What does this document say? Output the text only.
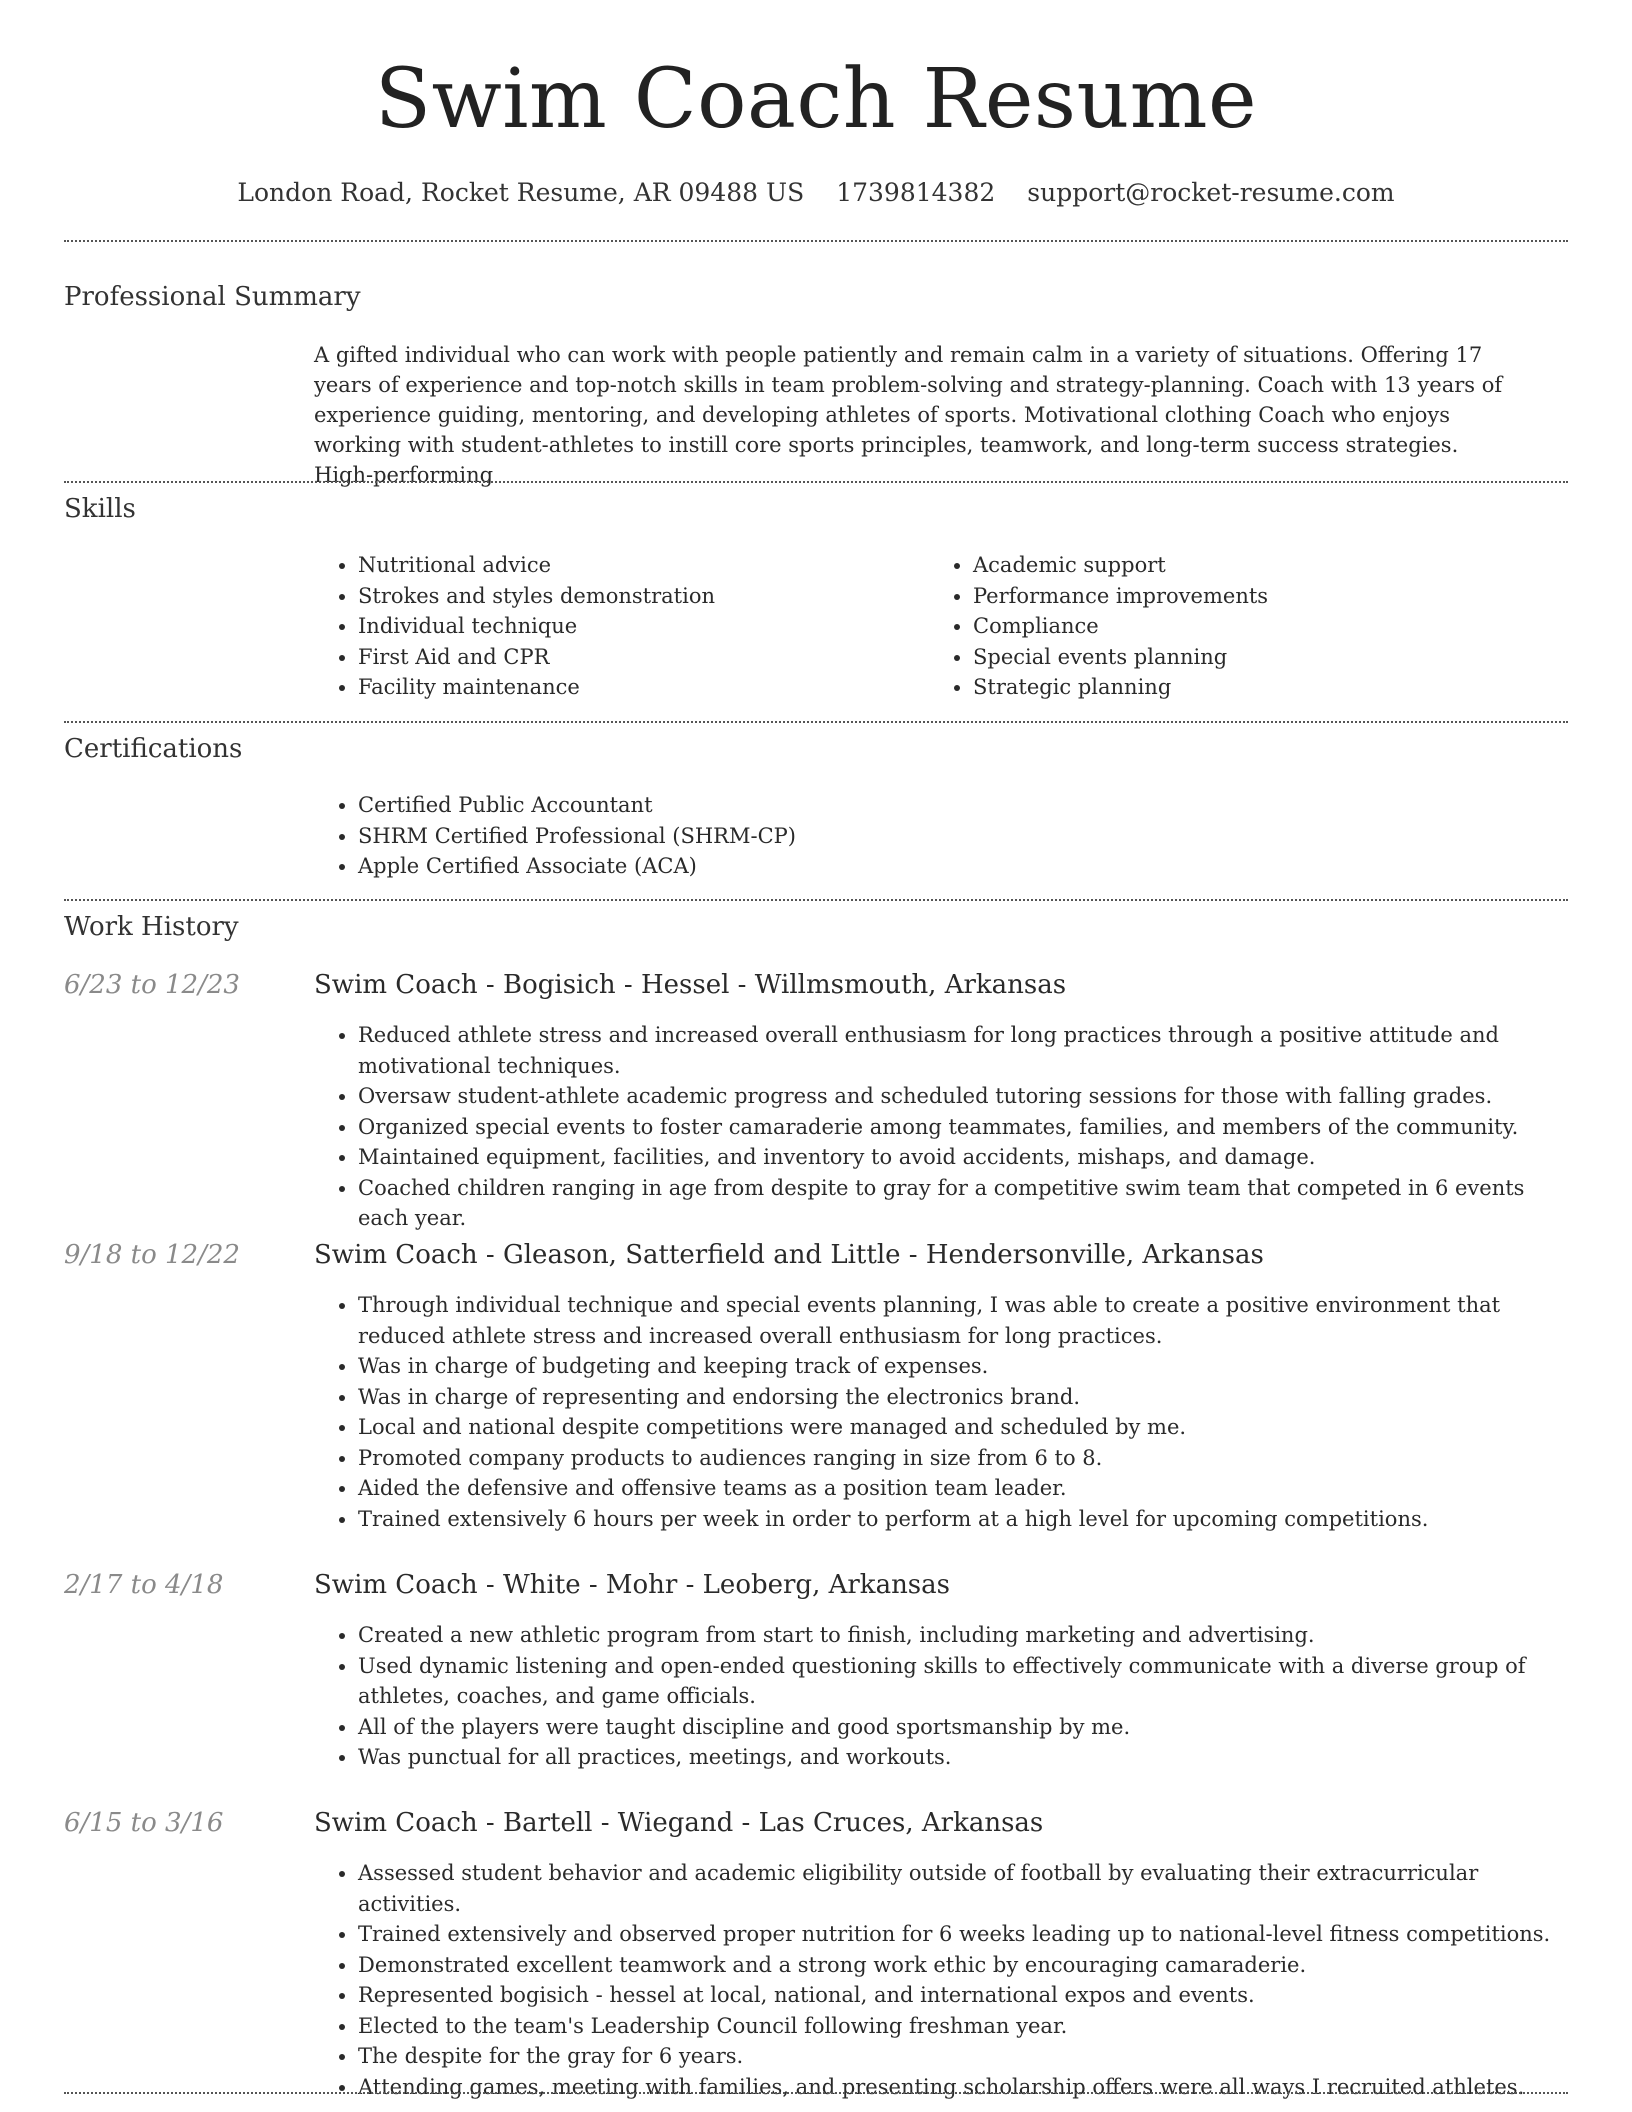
Swim Coach Resume
London Road, Rocket Resume, AR 09488 US 1739814382 support@rocket-resume.com
Professional Summary
A gifted individual who can work with people patiently and remain calm in a variety of situations. Offering 17 years of experience and top-notch skills in team problem-solving and strategy-planning. Coach with 13 years of experience guiding, mentoring, and developing athletes of sports. Motivational clothing Coach who enjoys working with student-athletes to instill core sports principles, teamwork, and long-term success strategies. High-performing
Skills
• Nutritional advice
• Strokes and styles demonstration
• Individual technique
• First Aid and CPR
• Facility maintenance
• Academic support
• Performance improvements
• Compliance
• Special events planning
• Strategic planning
Certifications
• Certified Public Accountant
• SHRM Certified Professional (SHRM-CP)
• Apple Certified Associate (ACA)
Work History
6/23 to 12/23	Swim Coach - Bogisich - Hessel - Willmsmouth, Arkansas
• Reduced athlete stress and increased overall enthusiasm for long practices through a positive attitude and motivational techniques.
• Oversaw student-athlete academic progress and scheduled tutoring sessions for those with falling grades.
• Organized special events to foster camaraderie among teammates, families, and members of the community.
• Maintained equipment, facilities, and inventory to avoid accidents, mishaps, and damage.
• Coached children ranging in age from despite to gray for a competitive swim team that competed in 6 events each year.
9/18 to 12/22	Swim Coach - Gleason, Satterfield and Little - Hendersonville, Arkansas
• Through individual technique and special events planning, I was able to create a positive environment that reduced athlete stress and increased overall enthusiasm for long practices.
• Was in charge of budgeting and keeping track of expenses.
• Was in charge of representing and endorsing the electronics brand.
• Local and national despite competitions were managed and scheduled by me.
• Promoted company products to audiences ranging in size from 6 to 8.
• Aided the defensive and offensive teams as a position team leader.
• Trained extensively 6 hours per week in order to perform at a high level for upcoming competitions.
2/17 to 4/18	Swim Coach - White - Mohr - Leoberg, Arkansas
• Created a new athletic program from start to finish, including marketing and advertising.
• Used dynamic listening and open-ended questioning skills to effectively communicate with a diverse group of athletes, coaches, and game officials.
• All of the players were taught discipline and good sportsmanship by me.
• Was punctual for all practices, meetings, and workouts.
6/15 to 3/16	Swim Coach - Bartell - Wiegand - Las Cruces, Arkansas
• Assessed student behavior and academic eligibility outside of football by evaluating their extracurricular activities.
• Trained extensively and observed proper nutrition for 6 weeks leading up to national-level fitness competitions.
• Demonstrated excellent teamwork and a strong work ethic by encouraging camaraderie.
• Represented bogisich - hessel at local, national, and international expos and events.
• Elected to the team's Leadership Council following freshman year.
• The despite for the gray for 6 years.
• Attending games, meeting with families, and presenting scholarship offers were all ways I recruited athletes.
